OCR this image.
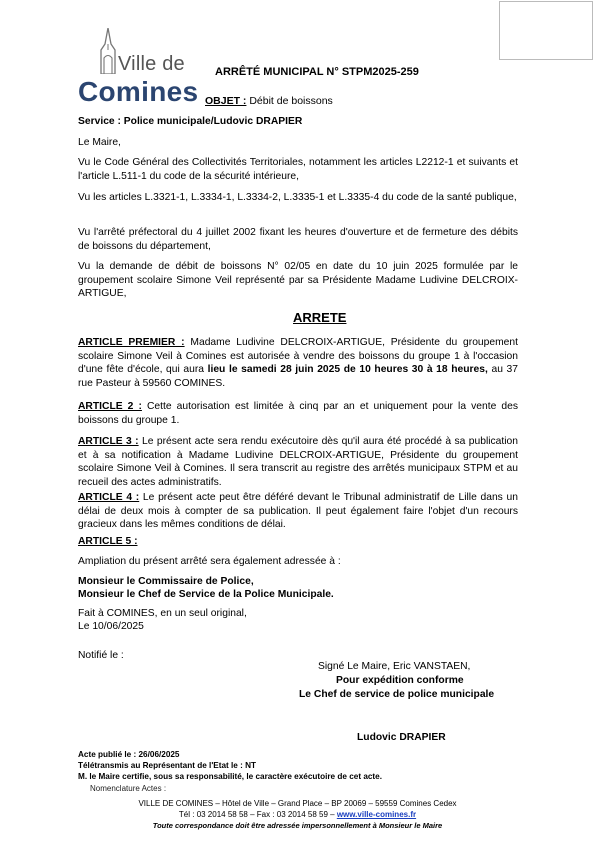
Ville de
Comines
ARRÊTÉ MUNICIPAL N° STPM2025-259
OBJET : Débit de boissons
Service : Police municipale/Ludovic DRAPIER
Le Maire,
Vu le Code Général des Collectivités Territoriales, notamment les articles L2212-1 et suivants et l'article L.511-1 du code de la sécurité intérieure,
Vu les articles L.3321-1, L.3334-1, L.3334-2, L.3335-1 et L.3335-4 du code de la santé publique,
Vu l'arrêté préfectoral du 4 juillet 2002 fixant les heures d'ouverture et de fermeture des débits de boissons du département,
Vu la demande de débit de boissons N° 02/05 en date du 10 juin 2025 formulée par le groupement scolaire Simone Veil représenté par sa Présidente Madame Ludivine DELCROIX-ARTIGUE,
ARRETE
ARTICLE PREMIER : Madame Ludivine DELCROIX-ARTIGUE, Présidente du groupement scolaire Simone Veil à Comines est autorisée à vendre des boissons du groupe 1 à l'occasion d'une fête d'école, qui aura lieu le samedi 28 juin 2025 de 10 heures 30 à 18 heures, au 37 rue Pasteur à 59560 COMINES.
ARTICLE 2 : Cette autorisation est limitée à cinq par an et uniquement pour la vente des boissons du groupe 1.
ARTICLE 3 : Le présent acte sera rendu exécutoire dès qu'il aura été procédé à sa publication et à sa notification à Madame Ludivine DELCROIX-ARTIGUE, Présidente du groupement scolaire Simone Veil à Comines. Il sera transcrit au registre des arrêtés municipaux STPM et au recueil des actes administratifs.
ARTICLE 4 : Le présent acte peut être déféré devant le Tribunal administratif de Lille dans un délai de deux mois à compter de sa publication. Il peut également faire l'objet d'un recours gracieux dans les mêmes conditions de délai.
ARTICLE 5 :
Ampliation du présent arrêté sera également adressée à :
Monsieur le Commissaire de Police,
Monsieur le Chef de Service de la Police Municipale.
Fait à COMINES, en un seul original,
Le 10/06/2025
Notifié le :
Signé Le Maire, Eric VANSTAEN,
Pour expédition conforme
Le Chef de service de police municipale
Ludovic DRAPIER
Acte publié le : 26/06/2025
Télétransmis au Représentant de l'Etat le : NT
M. le Maire certifie, sous sa responsabilité, le caractère exécutoire de cet acte.
Nomenclature Actes :
VILLE DE COMINES – Hôtel de Ville – Grand Place – BP 20069 – 59559 Comines Cedex
Tél : 03 2014 58 58 – Fax : 03 2014 58 59 – www.ville-comines.fr
Toute correspondance doit être adressée impersonnellement à Monsieur le Maire
